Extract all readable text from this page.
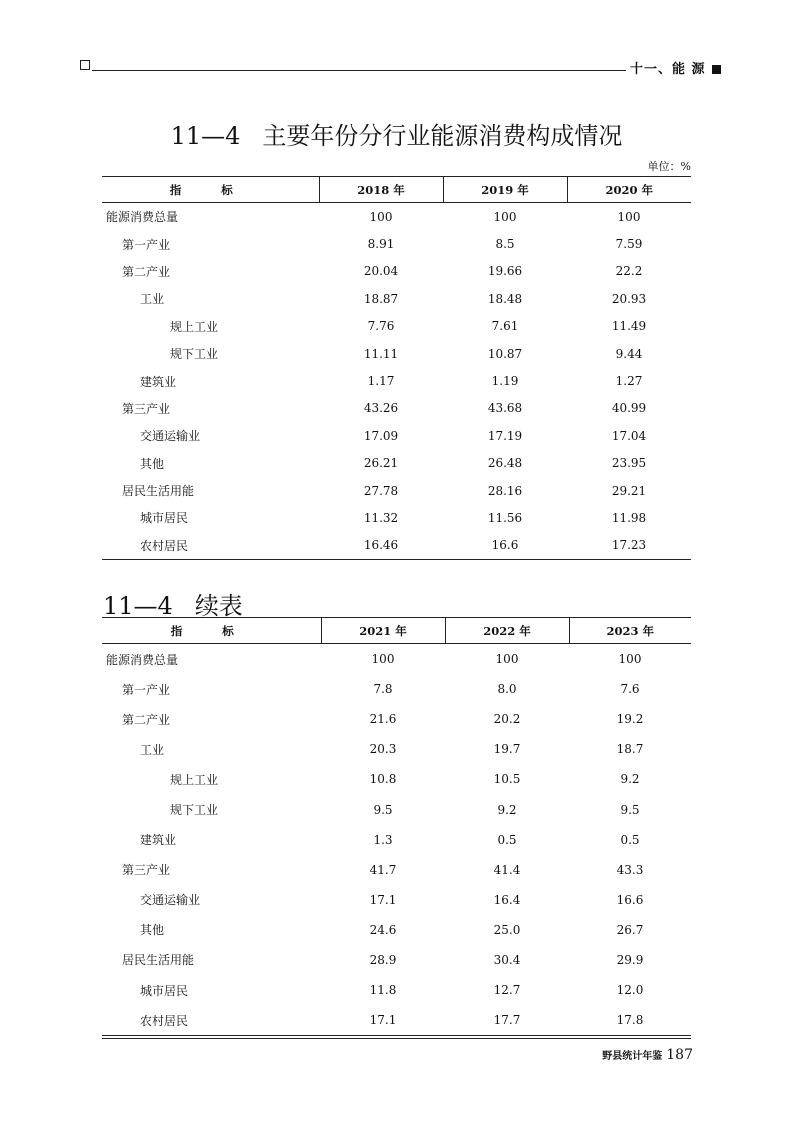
十一、能 源
11—4 主要年份分行业能源消费构成情况
单位：%
指 标	2018 年	2019 年	2020 年
能源消费总量	100	100	100
第一产业	8.91	8.5	7.59
第二产业	20.04	19.66	22.2
工业	18.87	18.48	20.93
规上工业	7.76	7.61	11.49
规下工业	11.11	10.87	9.44
建筑业	1.17	1.19	1.27
第三产业	43.26	43.68	40.99
交通运输业	17.09	17.19	17.04
其他	26.21	26.48	23.95
居民生活用能	27.78	28.16	29.21
城市居民	11.32	11.56	11.98
农村居民	16.46	16.6	17.23
11—4 续表
指 标	2021 年	2022 年	2023 年
能源消费总量	100	100	100
第一产业	7.8	8.0	7.6
第二产业	21.6	20.2	19.2
工业	20.3	19.7	18.7
规上工业	10.8	10.5	9.2
规下工业	9.5	9.2	9.5
建筑业	1.3	0.5	0.5
第三产业	41.7	41.4	43.3
交通运输业	17.1	16.4	16.6
其他	24.6	25.0	26.7
居民生活用能	28.9	30.4	29.9
城市居民	11.8	12.7	12.0
农村居民	17.1	17.7	17.8
野县统计年鉴 187
